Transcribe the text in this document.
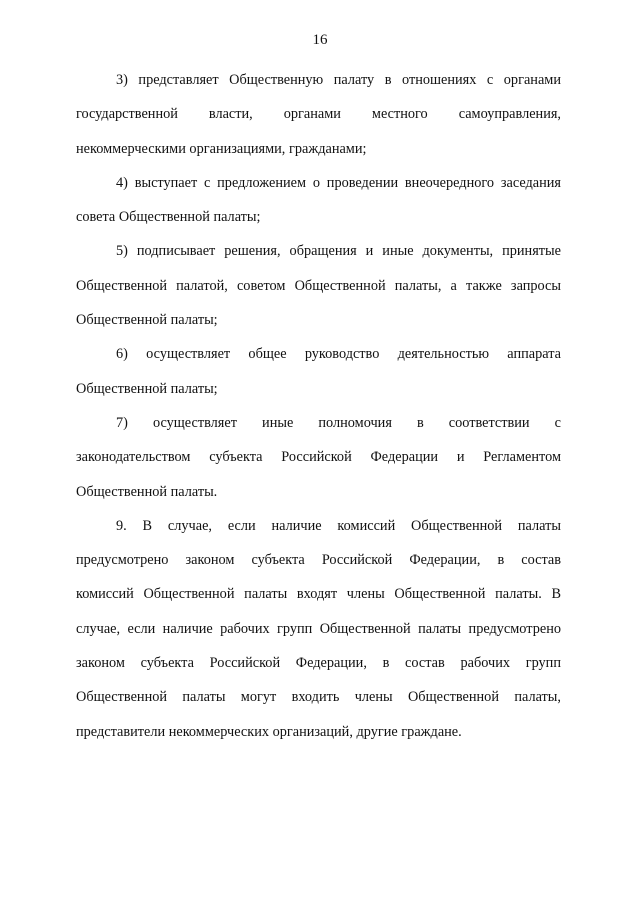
16

3) представляет Общественную палату в отношениях с органами
государственной власти, органами местного самоуправления,
некоммерческими организациями, гражданами;

4) выступает с предложением о проведении внеочередного заседания
совета Общественной палаты;

5) подписывает решения, обращения и иные документы, принятые
Общественной палатой, советом Общественной палаты, а также запросы
Общественной палаты;

6) осуществляет общее руководство деятельностью аппарата
Общественной палаты;

7) осуществляет иные полномочия в соответствии с
законодательством субъекта Российской Федерации и Регламентом
Общественной палаты.

9. В случае, если наличие комиссий Общественной палаты
предусмотрено законом субъекта Российской Федерации, в состав
комиссий Общественной палаты входят члены Общественной палаты. В
случае, если наличие рабочих групп Общественной палаты предусмотрено
законом субъекта Российской Федерации, в состав рабочих групп
Общественной палаты могут входить члены Общественной палаты,
представители некоммерческих организаций, другие граждане.
